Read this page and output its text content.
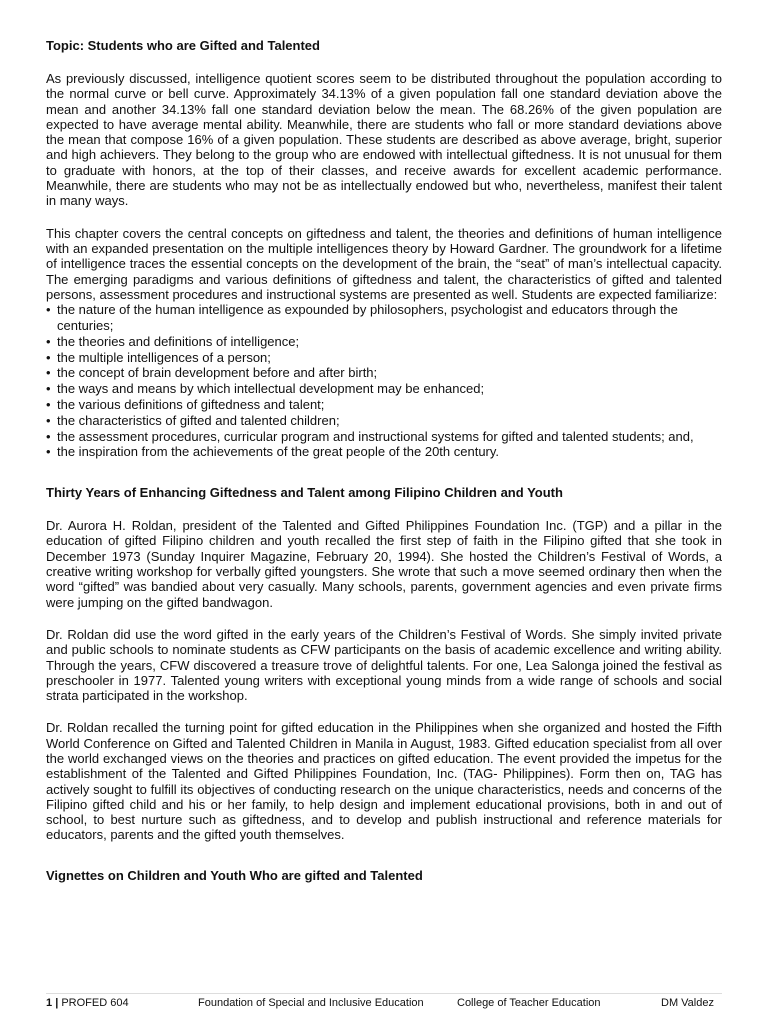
Topic: Students who are Gifted and Talented

As previously discussed, intelligence quotient scores seem to be distributed throughout the population according to the normal curve or bell curve. Approximately 34.13% of a given population fall one standard deviation above the mean and another 34.13% fall one standard deviation below the mean. The 68.26% of the given population are expected to have average mental ability. Meanwhile, there are students who fall or more standard deviations above the mean that compose 16% of a given population. These students are described as above average, bright, superior and high achievers. They belong to the group who are endowed with intellectual giftedness. It is not unusual for them to graduate with honors, at the top of their classes, and receive awards for excellent academic performance. Meanwhile, there are students who may not be as intellectually endowed but who, nevertheless, manifest their talent in many ways.

This chapter covers the central concepts on giftedness and talent, the theories and definitions of human intelligence with an expanded presentation on the multiple intelligences theory by Howard Gardner. The groundwork for a lifetime of intelligence traces the essential concepts on the development of the brain, the “seat” of man’s intellectual capacity. The emerging paradigms and various definitions of giftedness and talent, the characteristics of gifted and talented persons, assessment procedures and instructional systems are presented as well. Students are expected familiarize:

• the nature of the human intelligence as expounded by philosophers, psychologist and educators through the centuries;
• the theories and definitions of intelligence;
• the multiple intelligences of a person;
• the concept of brain development before and after birth;
• the ways and means by which intellectual development may be enhanced;
• the various definitions of giftedness and talent;
• the characteristics of gifted and talented children;
• the assessment procedures, curricular program and instructional systems for gifted and talented students; and,
• the inspiration from the achievements of the great people of the 20th century.
Thirty Years of Enhancing Giftedness and Talent among Filipino Children and Youth

Dr. Aurora H. Roldan, president of the Talented and Gifted Philippines Foundation Inc. (TGP) and a pillar in the education of gifted Filipino children and youth recalled the first step of faith in the Filipino gifted that she took in December 1973 (Sunday Inquirer Magazine, February 20, 1994). She hosted the Children’s Festival of Words, a creative writing workshop for verbally gifted youngsters. She wrote that such a move seemed ordinary then when the word “gifted” was bandied about very casually. Many schools, parents, government agencies and even private firms were jumping on the gifted bandwagon.

Dr. Roldan did use the word gifted in the early years of the Children’s Festival of Words. She simply invited private and public schools to nominate students as CFW participants on the basis of academic excellence and writing ability. Through the years, CFW discovered a treasure trove of delightful talents. For one, Lea Salonga joined the festival as preschooler in 1977. Talented young writers with exceptional young minds from a wide range of schools and social strata participated in the workshop.

Dr. Roldan recalled the turning point for gifted education in the Philippines when she organized and hosted the Fifth World Conference on Gifted and Talented Children in Manila in August, 1983. Gifted education specialist from all over the world exchanged views on the theories and practices on gifted education. The event provided the impetus for the establishment of the Talented and Gifted Philippines Foundation, Inc. (TAG- Philippines). Form then on, TAG has actively sought to fulfill its objectives of conducting research on the unique characteristics, needs and concerns of the Filipino gifted child and his or her family, to help design and implement educational provisions, both in and out of school, to best nurture such as giftedness, and to develop and publish instructional and reference materials for educators, parents and the gifted youth themselves.

Vignettes on Children and Youth Who are gifted and Talented
1 | PROFED 604	Foundation of Special and Inclusive Education	College of Teacher Education	DM Valdez
